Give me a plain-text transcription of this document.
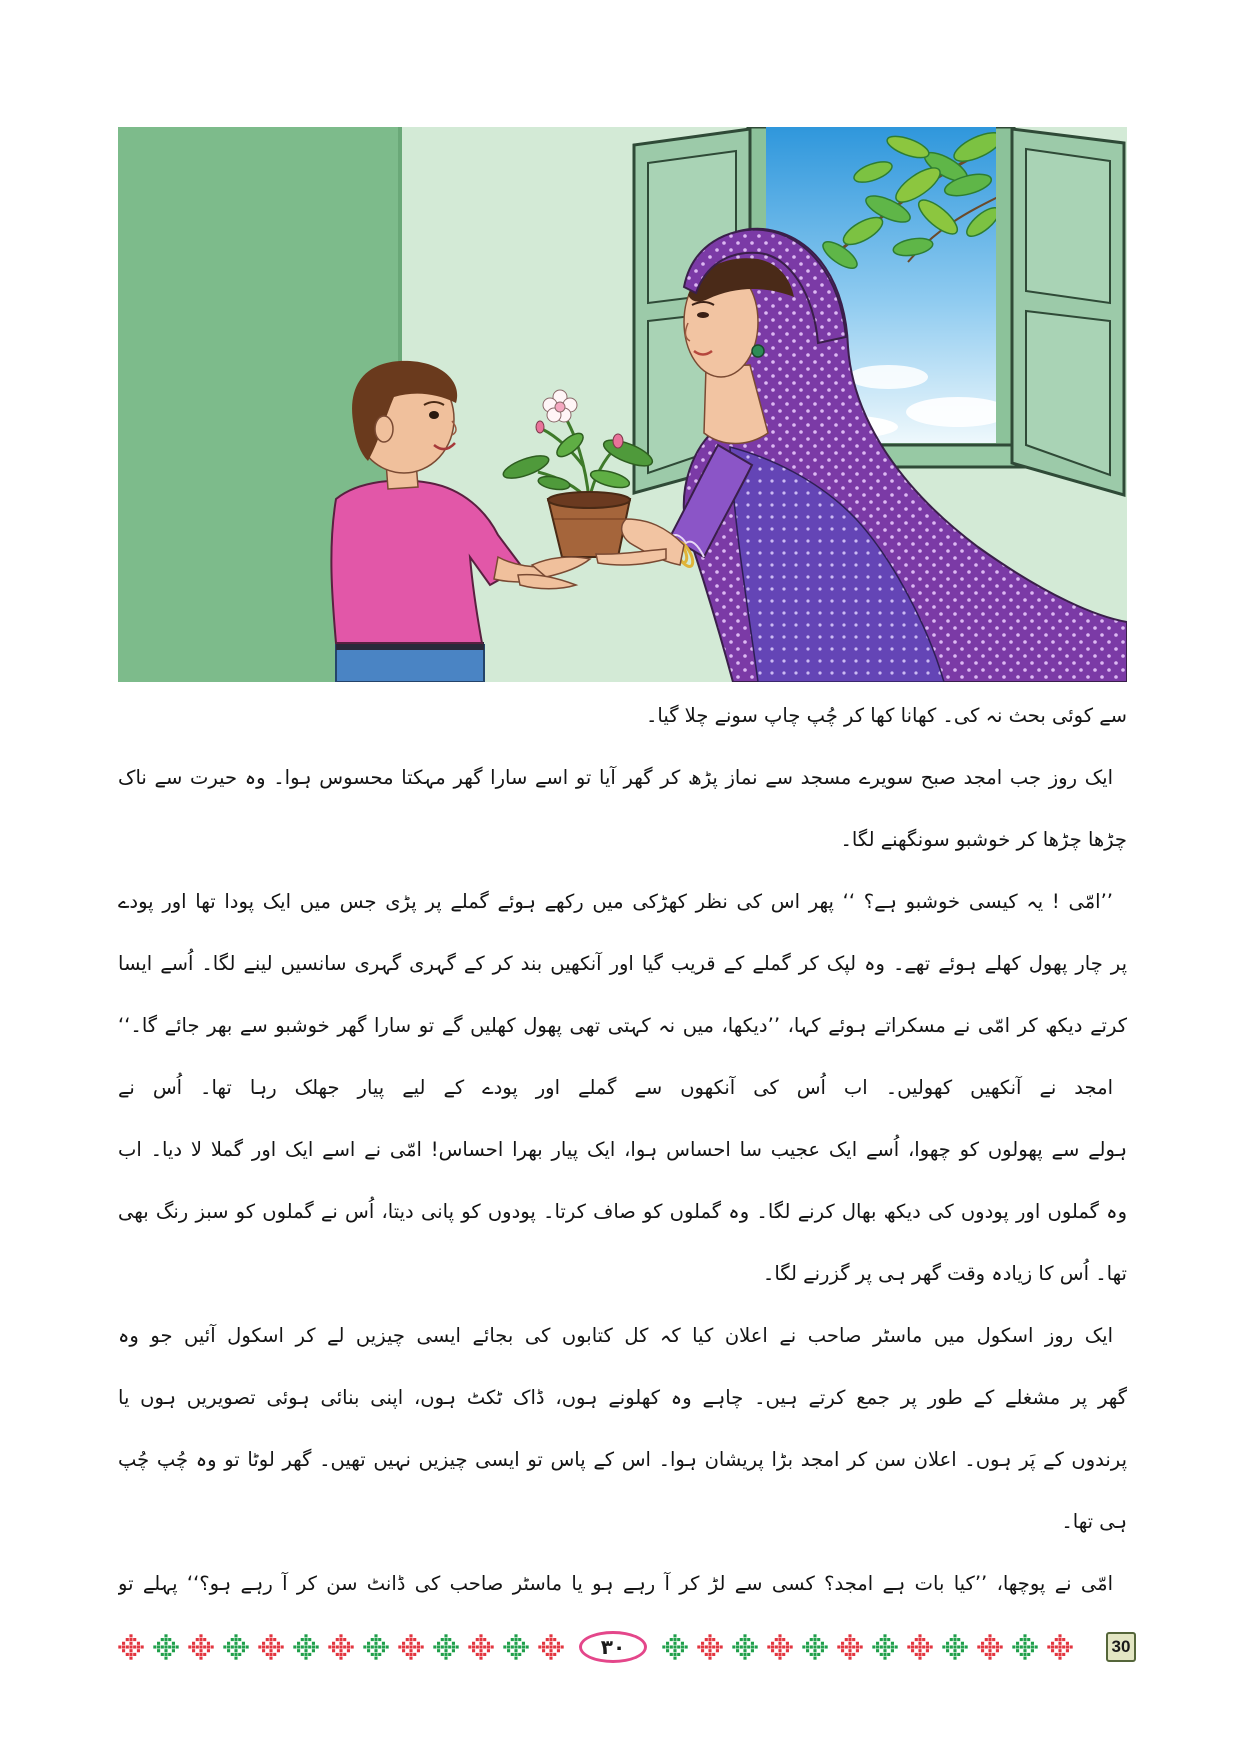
سے کوئی بحث نہ کی۔ کھانا کھا کر چُپ چاپ سونے چلا گیا۔
ایک روز جب امجد صبح سویرے مسجد سے نماز پڑھ کر گھر آیا تو اسے سارا گھر مہکتا محسوس ہوا۔ وہ حیرت سے ناک
چڑھا چڑھا کر خوشبو سونگھنے لگا۔
’’امّی ! یہ کیسی خوشبو ہے؟ ‘‘ پھر اس کی نظر کھڑکی میں رکھے ہوئے گملے پر پڑی جس میں ایک پودا تھا اور پودے
پر چار پھول کھلے ہوئے تھے۔ وہ لپک کر گملے کے قریب گیا اور آنکھیں بند کر کے گہری گہری سانسیں لینے لگا۔ اُسے ایسا
کرتے دیکھ کر امّی نے مسکراتے ہوئے کہا، ’’دیکھا، میں نہ کہتی تھی پھول کھلیں گے تو سارا گھر خوشبو سے بھر جائے گا۔‘‘
امجد نے آنکھیں کھولیں۔ اب اُس کی آنکھوں سے گملے اور پودے کے لیے پیار جھلک رہا تھا۔ اُس نے
ہولے سے پھولوں کو چھوا، اُسے ایک عجیب سا احساس ہوا، ایک پیار بھرا احساس! امّی نے اسے ایک اور گملا لا دیا۔ اب
وہ گملوں اور پودوں کی دیکھ بھال کرنے لگا۔ وہ گملوں کو صاف کرتا۔ پودوں کو پانی دیتا، اُس نے گملوں کو سبز رنگ بھی
تھا۔ اُس کا زیادہ وقت گھر ہی پر گزرنے لگا۔
ایک روز اسکول میں ماسٹر صاحب نے اعلان کیا کہ کل کتابوں کی بجائے ایسی چیزیں لے کر اسکول آئیں جو وہ
گھر پر مشغلے کے طور پر جمع کرتے ہیں۔ چاہے وہ کھلونے ہوں، ڈاک ٹکٹ ہوں، اپنی بنائی ہوئی تصویریں ہوں یا
پرندوں کے پَر ہوں۔ اعلان سن کر امجد بڑا پریشان ہوا۔ اس کے پاس تو ایسی چیزیں نہیں تھیں۔ گھر لوٹا تو وہ چُپ چُپ
ہی تھا۔
امّی نے پوچھا، ’’کیا بات ہے امجد؟ کسی سے لڑ کر آ رہے ہو یا ماسٹر صاحب کی ڈانٹ سن کر آ رہے ہو؟‘‘ پہلے تو
۳۰	30
